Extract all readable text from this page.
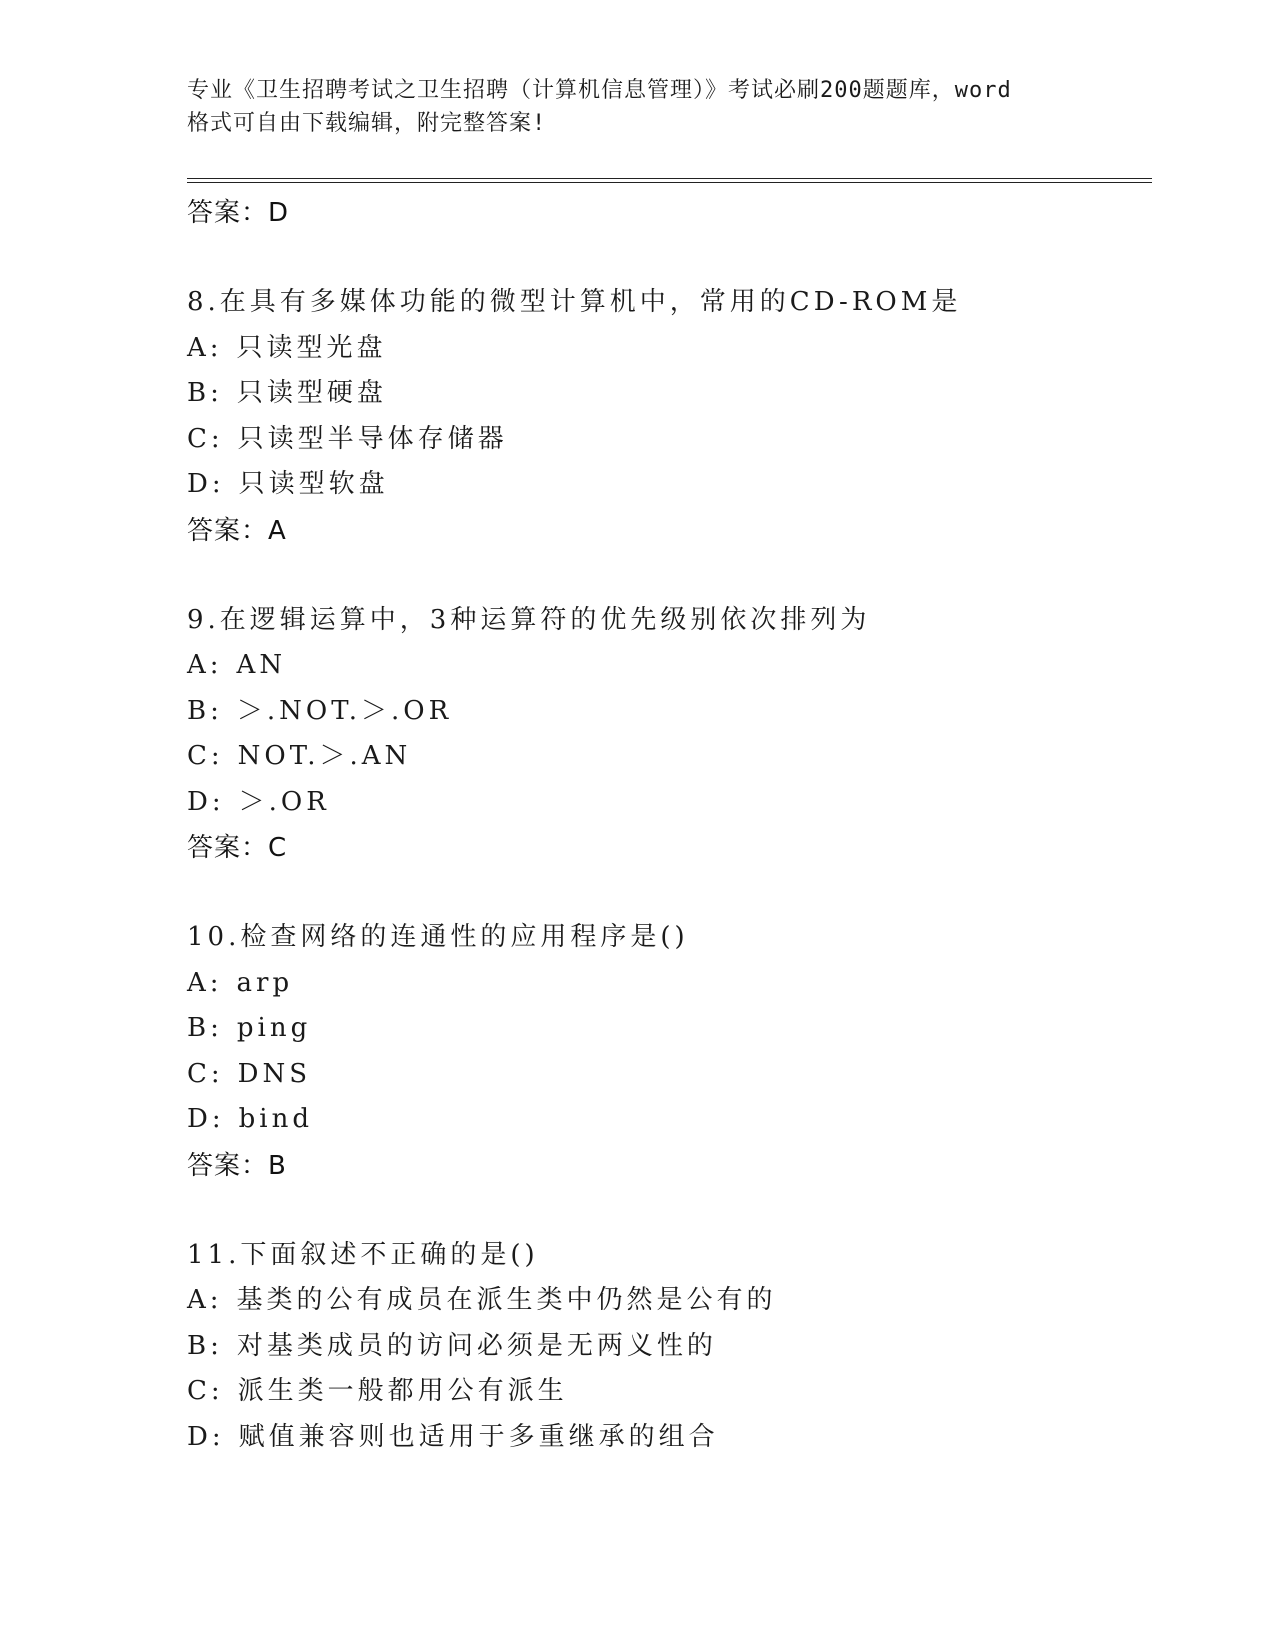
专业《卫生招聘考试之卫生招聘（计算机信息管理）》考试必刷200题题库，word
格式可自由下载编辑，附完整答案!
答案：D
8.在具有多媒体功能的微型计算机中，常用的CD-ROM是
A: 只读型光盘
B: 只读型硬盘
C: 只读型半导体存储器
D: 只读型软盘
答案：A
9.在逻辑运算中，3种运算符的优先级别依次排列为
A: AN
B: ＞.NOT.＞.OR
C: NOT.＞.AN
D: ＞.OR
答案：C
10.检查网络的连通性的应用程序是()
A: arp
B: ping
C: DNS
D: bind
答案：B
11.下面叙述不正确的是()
A: 基类的公有成员在派生类中仍然是公有的
B: 对基类成员的访问必须是无两义性的
C: 派生类一般都用公有派生
D: 赋值兼容则也适用于多重继承的组合
